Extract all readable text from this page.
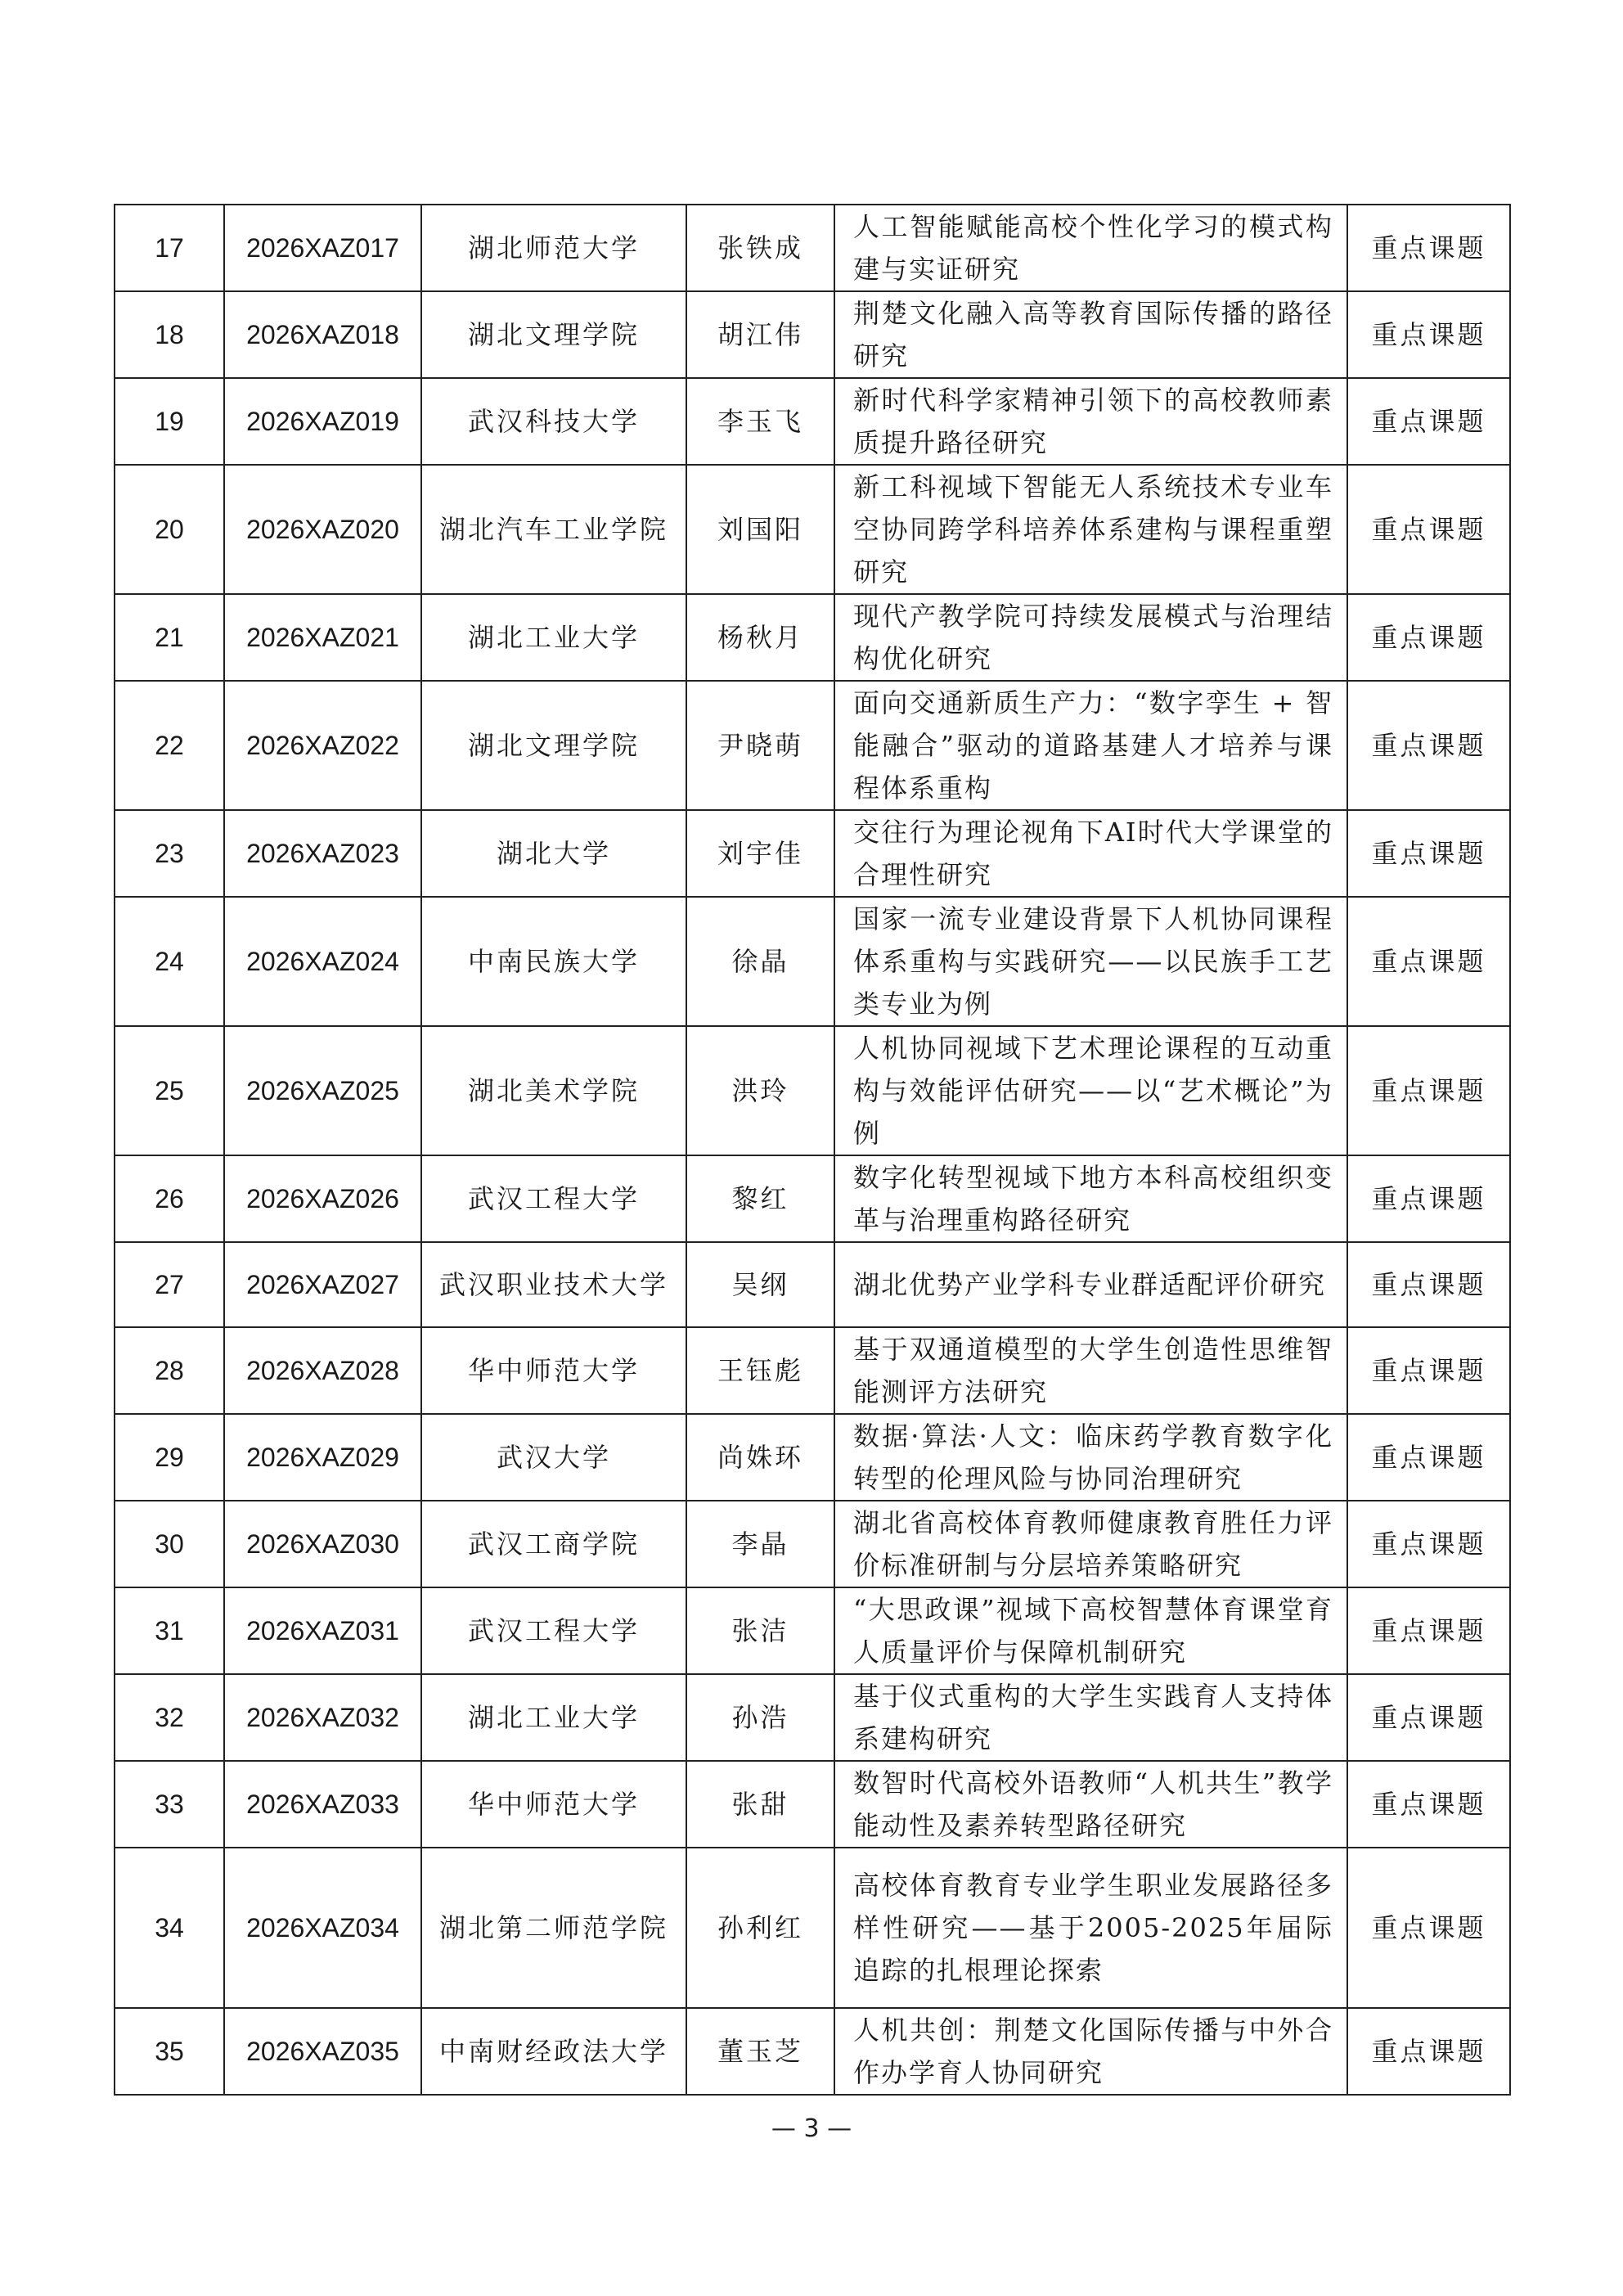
17	2026XAZ017	湖北师范大学	张铁成	人工智能赋能高校个性化学习的模式构建与实证研究	重点课题
18	2026XAZ018	湖北文理学院	胡江伟	荆楚文化融入高等教育国际传播的路径研究	重点课题
19	2026XAZ019	武汉科技大学	李玉飞	新时代科学家精神引领下的高校教师素质提升路径研究	重点课题
20	2026XAZ020	湖北汽车工业学院	刘国阳	新工科视域下智能无人系统技术专业车空协同跨学科培养体系建构与课程重塑研究	重点课题
21	2026XAZ021	湖北工业大学	杨秋月	现代产教学院可持续发展模式与治理结构优化研究	重点课题
22	2026XAZ022	湖北文理学院	尹晓萌	面向交通新质生产力：“数字孪生 + 智能融合”驱动的道路基建人才培养与课程体系重构	重点课题
23	2026XAZ023	湖北大学	刘宇佳	交往行为理论视角下AI时代大学课堂的合理性研究	重点课题
24	2026XAZ024	中南民族大学	徐晶	国家一流专业建设背景下人机协同课程体系重构与实践研究——以民族手工艺类专业为例	重点课题
25	2026XAZ025	湖北美术学院	洪玲	人机协同视域下艺术理论课程的互动重构与效能评估研究——以“艺术概论”为例	重点课题
26	2026XAZ026	武汉工程大学	黎红	数字化转型视域下地方本科高校组织变革与治理重构路径研究	重点课题
27	2026XAZ027	武汉职业技术大学	吴纲	湖北优势产业学科专业群适配评价研究	重点课题
28	2026XAZ028	华中师范大学	王钰彪	基于双通道模型的大学生创造性思维智能测评方法研究	重点课题
29	2026XAZ029	武汉大学	尚姝环	数据·算法·人文：临床药学教育数字化转型的伦理风险与协同治理研究	重点课题
30	2026XAZ030	武汉工商学院	李晶	湖北省高校体育教师健康教育胜任力评价标准研制与分层培养策略研究	重点课题
31	2026XAZ031	武汉工程大学	张洁	“大思政课”视域下高校智慧体育课堂育人质量评价与保障机制研究	重点课题
32	2026XAZ032	湖北工业大学	孙浩	基于仪式重构的大学生实践育人支持体系建构研究	重点课题
33	2026XAZ033	华中师范大学	张甜	数智时代高校外语教师“人机共生”教学能动性及素养转型路径研究	重点课题
34	2026XAZ034	湖北第二师范学院	孙利红	高校体育教育专业学生职业发展路径多样性研究——基于2005-2025年届际追踪的扎根理论探索	重点课题
35	2026XAZ035	中南财经政法大学	董玉芝	人机共创：荆楚文化国际传播与中外合作办学育人协同研究	重点课题
— 3 —
